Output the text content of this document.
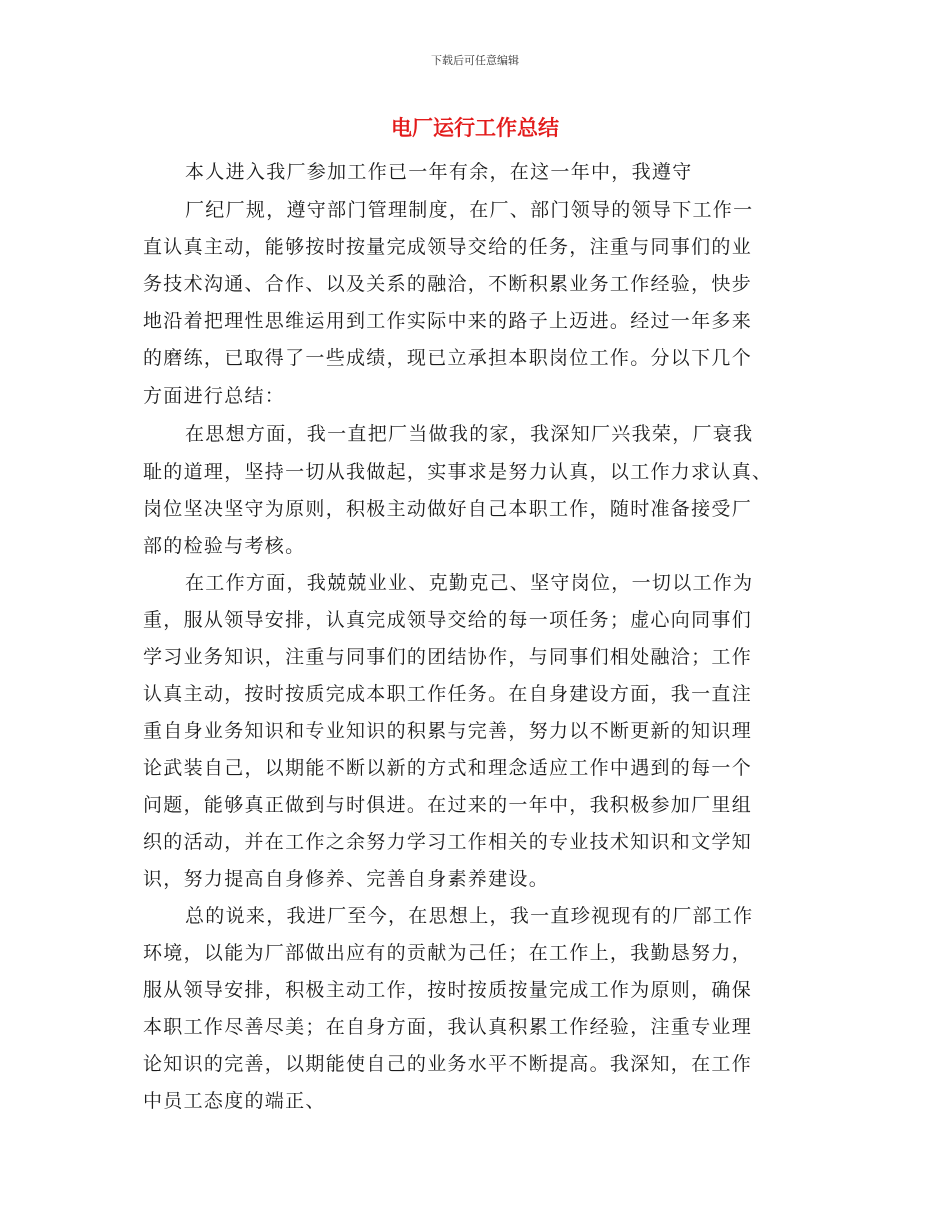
下载后可任意编辑
电厂运行工作总结
本人进入我厂参加工作已一年有余，在这一年中，我遵守
厂纪厂规，遵守部门管理制度，在厂、部门领导的领导下工作一
直认真主动，能够按时按量完成领导交给的任务，注重与同事们的业
务技术沟通、合作、以及关系的融洽，不断积累业务工作经验，快步
地沿着把理性思维运用到工作实际中来的路子上迈进。经过一年多来
的磨练，已取得了一些成绩，现已立承担本职岗位工作。分以下几个
方面进行总结：
在思想方面，我一直把厂当做我的家，我深知厂兴我荣，厂衰我
耻的道理，坚持一切从我做起，实事求是努力认真，以工作力求认真、
岗位坚决坚守为原则，积极主动做好自己本职工作，随时准备接受厂
部的检验与考核。
在工作方面，我兢兢业业、克勤克己、坚守岗位，一切以工作为
重，服从领导安排，认真完成领导交给的每一项任务；虚心向同事们
学习业务知识，注重与同事们的团结协作，与同事们相处融洽；工作
认真主动，按时按质完成本职工作任务。在自身建设方面，我一直注
重自身业务知识和专业知识的积累与完善，努力以不断更新的知识理
论武装自己，以期能不断以新的方式和理念适应工作中遇到的每一个
问题，能够真正做到与时俱进。在过来的一年中，我积极参加厂里组
织的活动，并在工作之余努力学习工作相关的专业技术知识和文学知
识，努力提高自身修养、完善自身素养建设。
总的说来，我进厂至今，在思想上，我一直珍视现有的厂部工作
环境，以能为厂部做出应有的贡献为己任；在工作上，我勤恳努力，
服从领导安排，积极主动工作，按时按质按量完成工作为原则，确保
本职工作尽善尽美；在自身方面，我认真积累工作经验，注重专业理
论知识的完善，以期能使自己的业务水平不断提高。我深知，在工作
中员工态度的端正、
